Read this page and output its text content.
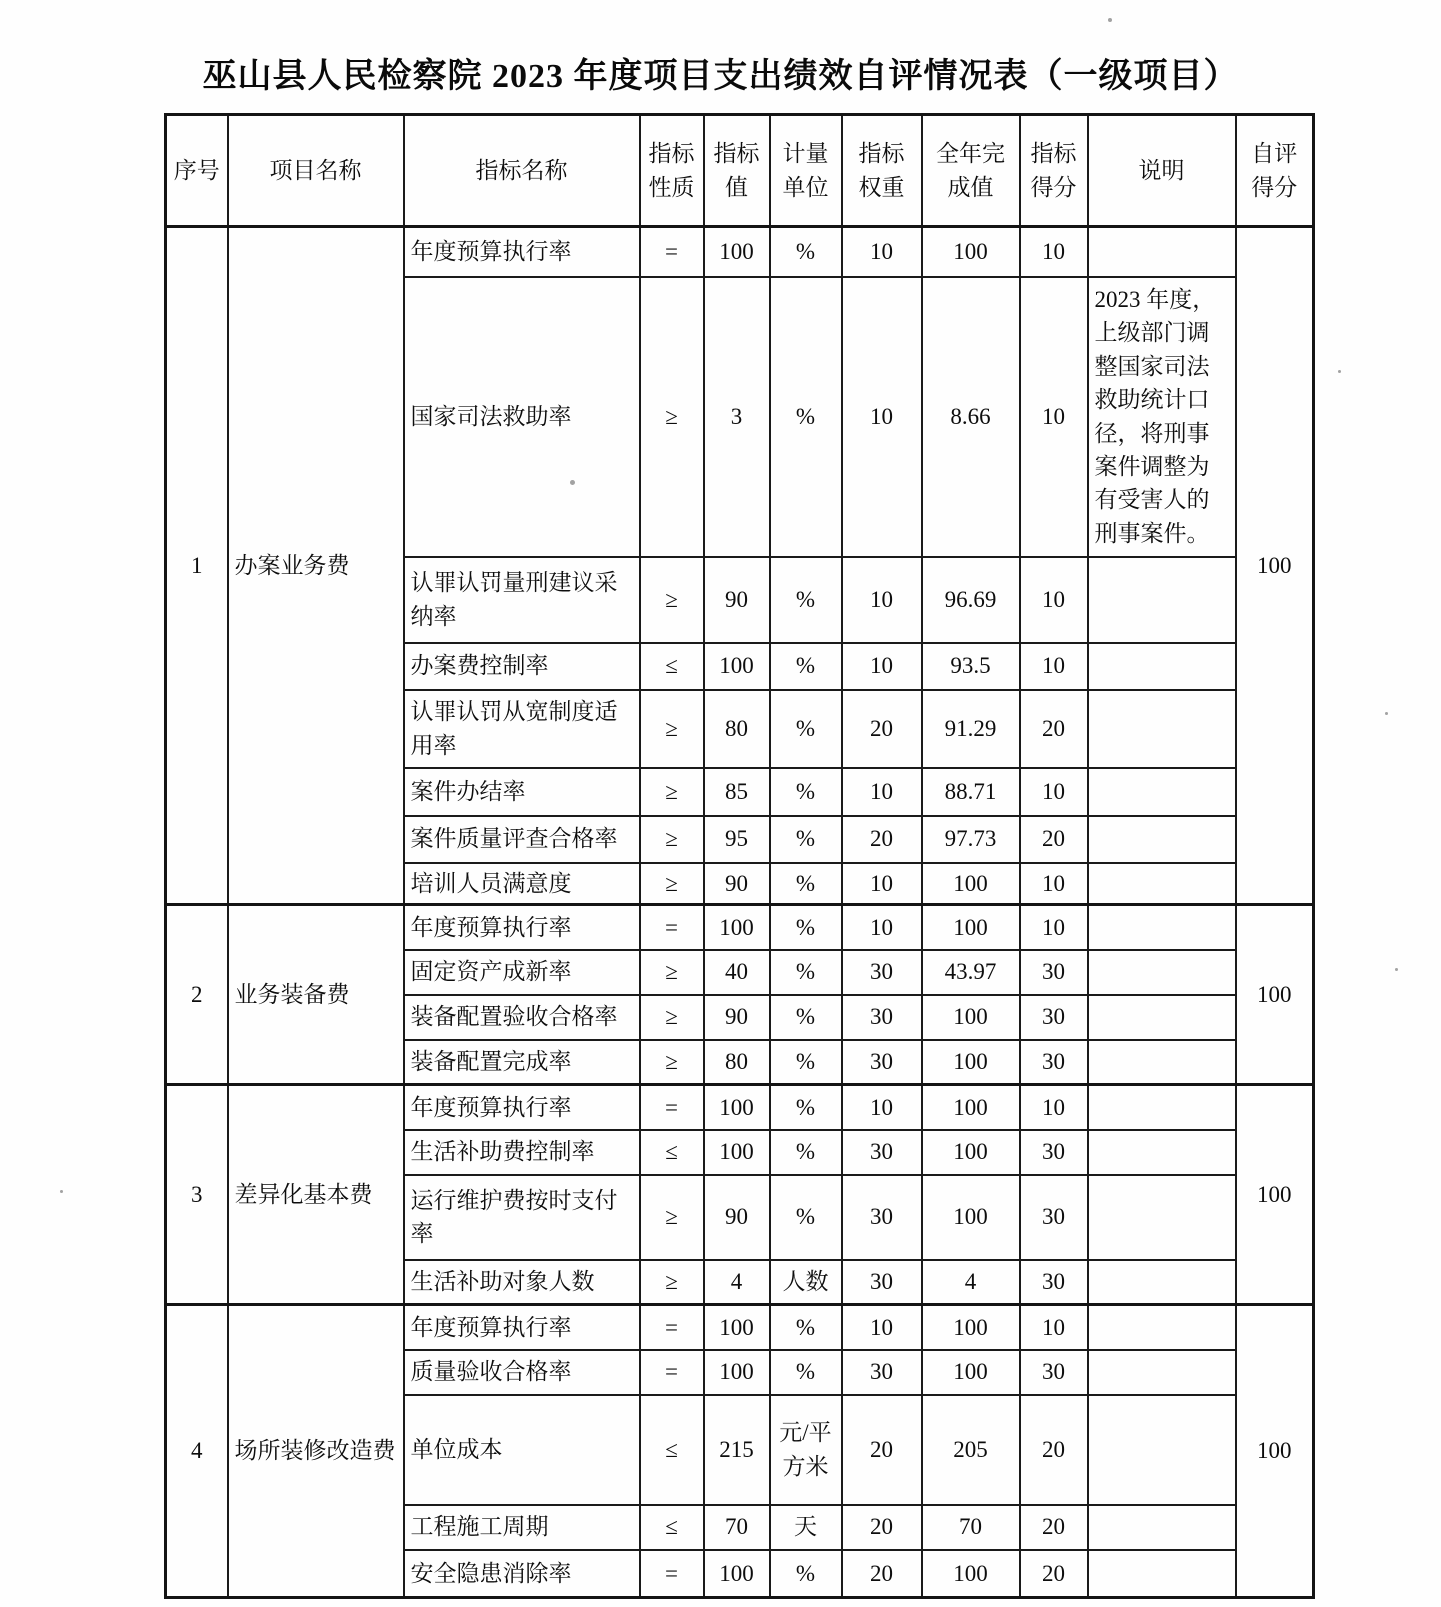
巫山县人民检察院 2023 年度项目支出绩效自评情况表（一级项目）
序号	项目名称	指标名称	指标性质	指标值	计量单位	指标权重	全年完成值	指标得分	说明	自评得分
1	办案业务费	年度预算执行率	=	100	%	10	100	10		100
		国家司法救助率	≥	3	%	10	8.66	10	2023 年度，上级部门调整国家司法救助统计口径，将刑事案件调整为有受害人的刑事案件。	
		认罪认罚量刑建议采纳率	≥	90	%	10	96.69	10		
		办案费控制率	≤	100	%	10	93.5	10		
		认罪认罚从宽制度适用率	≥	80	%	20	91.29	20		
		案件办结率	≥	85	%	10	88.71	10		
		案件质量评查合格率	≥	95	%	20	97.73	20		
		培训人员满意度	≥	90	%	10	100	10		
2	业务装备费	年度预算执行率	=	100	%	10	100	10		100
		固定资产成新率	≥	40	%	30	43.97	30		
		装备配置验收合格率	≥	90	%	30	100	30		
		装备配置完成率	≥	80	%	30	100	30		
3	差异化基本费	年度预算执行率	=	100	%	10	100	10		100
		生活补助费控制率	≤	100	%	30	100	30		
		运行维护费按时支付率	≥	90	%	30	100	30		
		生活补助对象人数	≥	4	人数	30	4	30		
4	场所装修改造费	年度预算执行率	=	100	%	10	100	10		100
		质量验收合格率	=	100	%	30	100	30		
		单位成本	≤	215	元/平方米	20	205	20		
		工程施工周期	≤	70	天	20	70	20		
		安全隐患消除率	=	100	%	20	100	20		
